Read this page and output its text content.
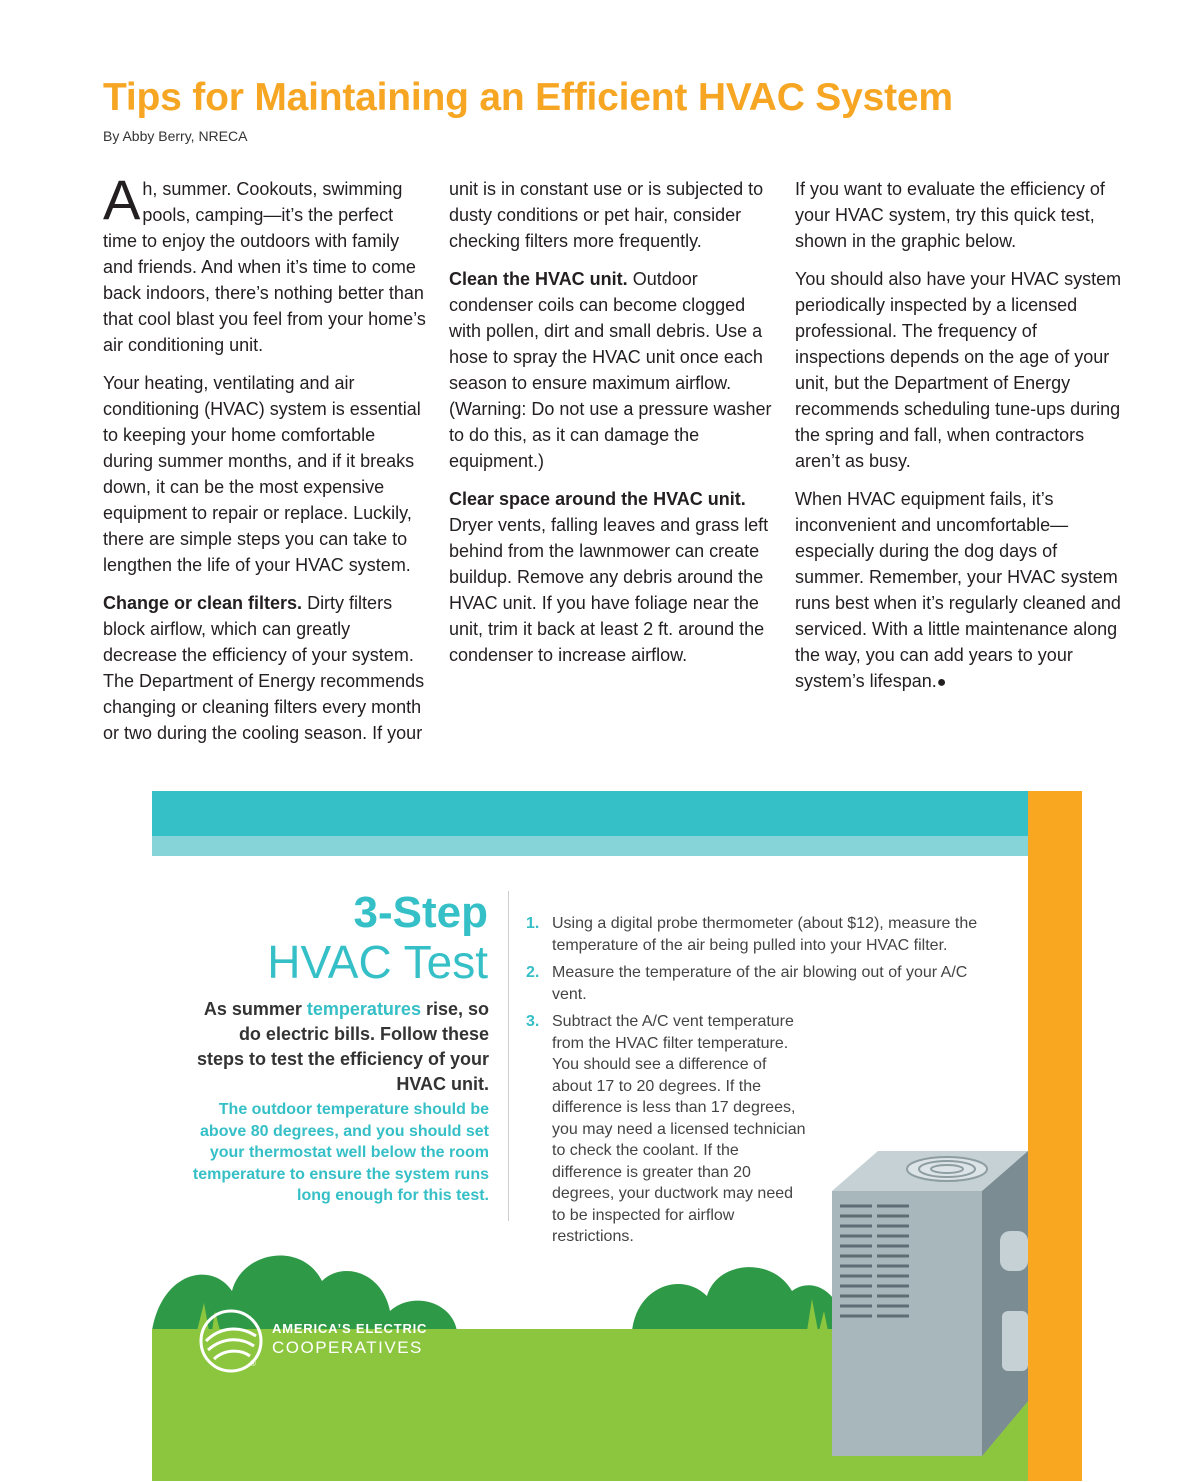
Tips for Maintaining an Efficient HVAC System
By Abby Berry, NRECA

Ah, summer. Cookouts, swimming pools, camping—it’s the perfect time to enjoy the outdoors with family and friends. And when it’s time to come back indoors, there’s nothing better than that cool blast you feel from your home’s air conditioning unit.

Your heating, ventilating and air conditioning (HVAC) system is essential to keeping your home comfortable during summer months, and if it breaks down, it can be the most expensive equipment to repair or replace. Luckily, there are simple steps you can take to lengthen the life of your HVAC system.

Change or clean filters. Dirty filters block airflow, which can greatly decrease the efficiency of your system. The Department of Energy recommends changing or cleaning filters every month or two during the cooling season. If your

If you want to evaluate the efficiency of your HVAC system, try this quick test, shown in the graphic below.

You should also have your HVAC system periodically inspected by a licensed professional. The frequency of inspections depends on the age of your unit, but the Department of Energy recommends scheduling tune-ups during the spring and fall, when contractors aren’t as busy.

When HVAC equipment fails, it’s inconvenient and uncomfortable—especially during the dog days of summer. Remember, your HVAC system runs best when it’s regularly cleaned and serviced. With a little maintenance along the way, you can add years to your system’s lifespan.●

unit is in constant use or is subjected to dusty conditions or pet hair, consider checking filters more frequently.

Clean the HVAC unit. Outdoor condenser coils can become clogged with pollen, dirt and small debris. Use a hose to spray the HVAC unit once each season to ensure maximum airflow. (Warning: Do not use a pressure washer to do this, as it can damage the equipment.)

Clear space around the HVAC unit. Dryer vents, falling leaves and grass left behind from the lawnmower can create buildup. Remove any debris around the HVAC unit. If you have foliage near the unit, trim it back at least 2 ft. around the condenser to increase airflow.

3-Step
HVAC Test
As summer temperatures rise, so do electric bills. Follow these steps to test the efficiency of your HVAC unit.
The outdoor temperature should be above 80 degrees, and you should set your thermostat well below the room temperature to ensure the system runs long enough for this test.
1. Using a digital probe thermometer (about $12), measure the temperature of the air being pulled into your HVAC filter.
2. Measure the temperature of the air blowing out of your A/C vent.
3. Subtract the A/C vent temperature from the HVAC filter temperature. You should see a difference of about 17 to 20 degrees. If the difference is less than 17 degrees, you may need a licensed technician to check the coolant. If the difference is greater than 20 degrees, your ductwork may need to be inspected for airflow restrictions.
AMERICA’S ELECTRIC
COOPERATIVES
®
